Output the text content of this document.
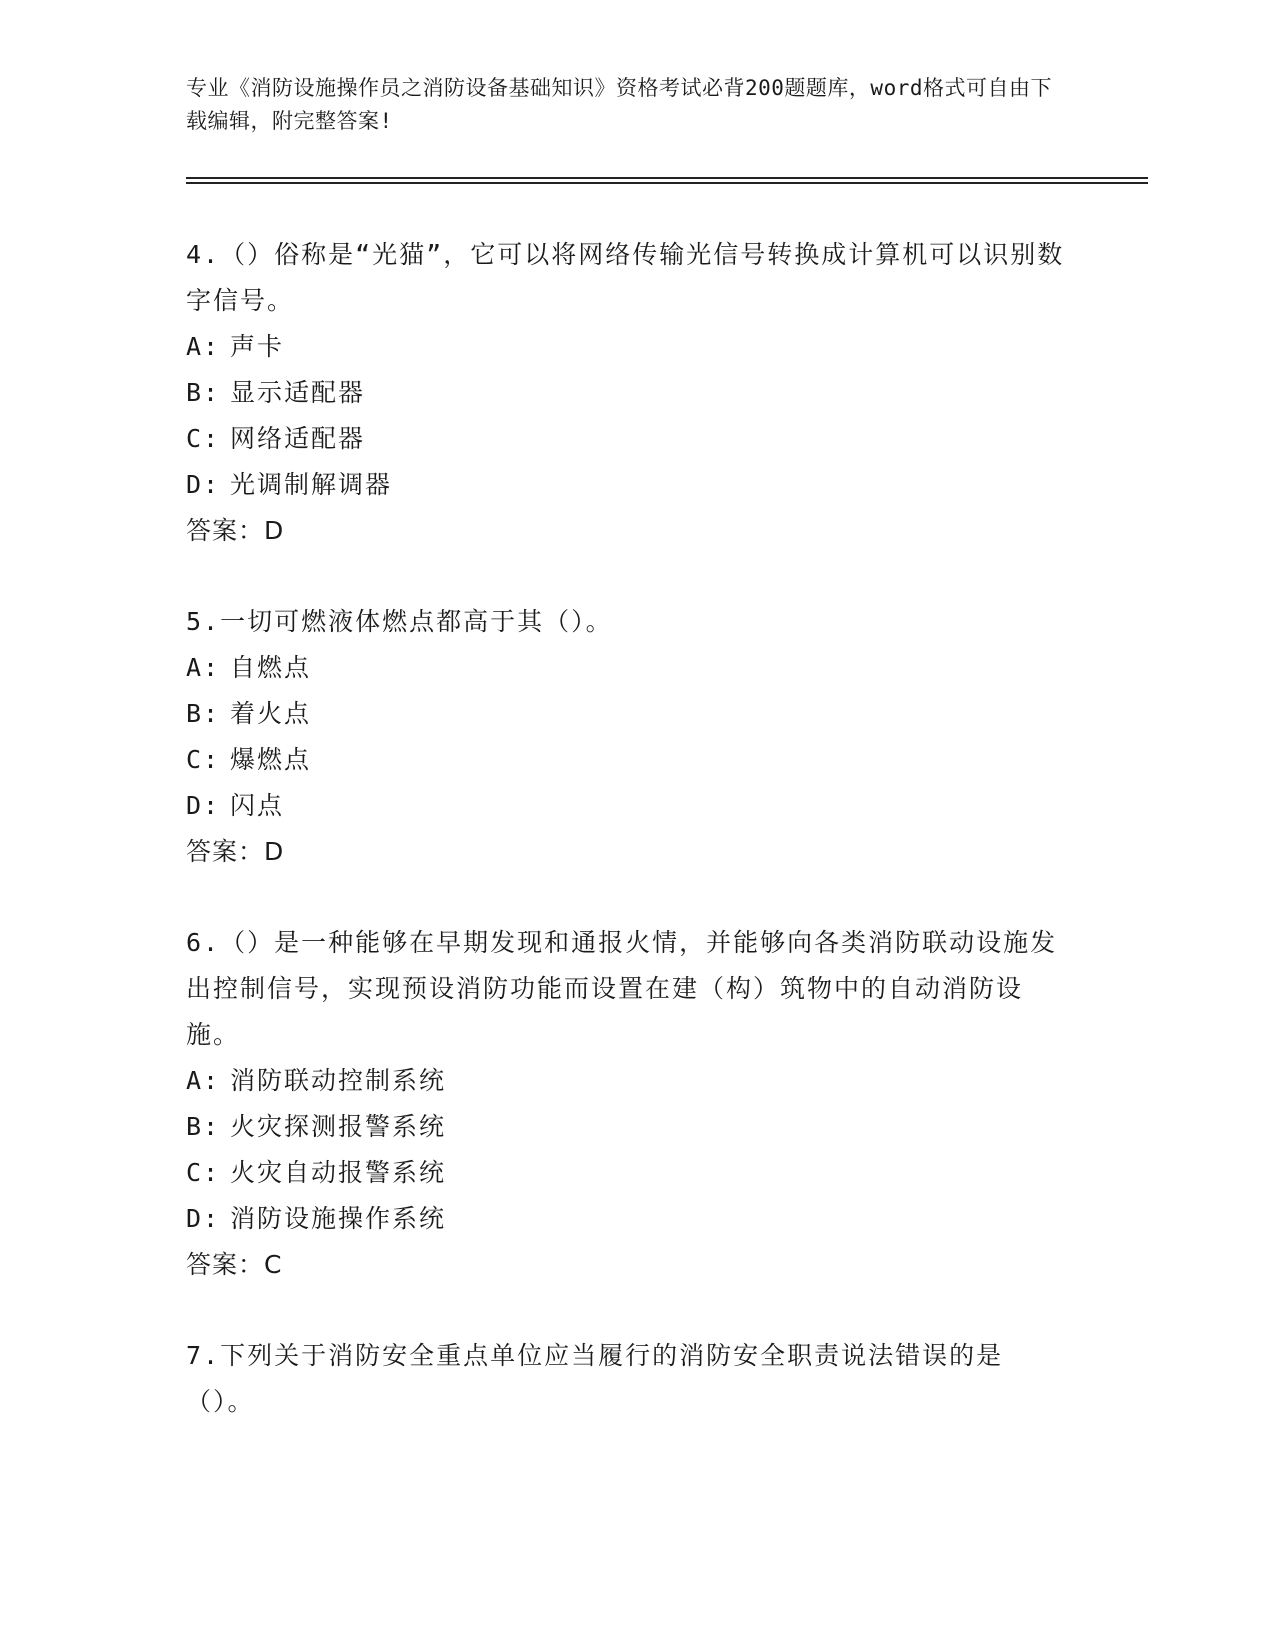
专业《消防设施操作员之消防设备基础知识》资格考试必背200题题库，word格式可自由下载编辑，附完整答案!
4.（）俗称是“光猫”，它可以将网络传输光信号转换成计算机可以识别数字信号。
A: 声卡
B: 显示适配器
C: 网络适配器
D: 光调制解调器
答案：D
5.一切可燃液体燃点都高于其（）。
A: 自燃点
B: 着火点
C: 爆燃点
D: 闪点
答案：D
6.（）是一种能够在早期发现和通报火情，并能够向各类消防联动设施发出控制信号，实现预设消防功能而设置在建（构）筑物中的自动消防设施。
A: 消防联动控制系统
B: 火灾探测报警系统
C: 火灾自动报警系统
D: 消防设施操作系统
答案：C
7.下列关于消防安全重点单位应当履行的消防安全职责说法错误的是（）。
